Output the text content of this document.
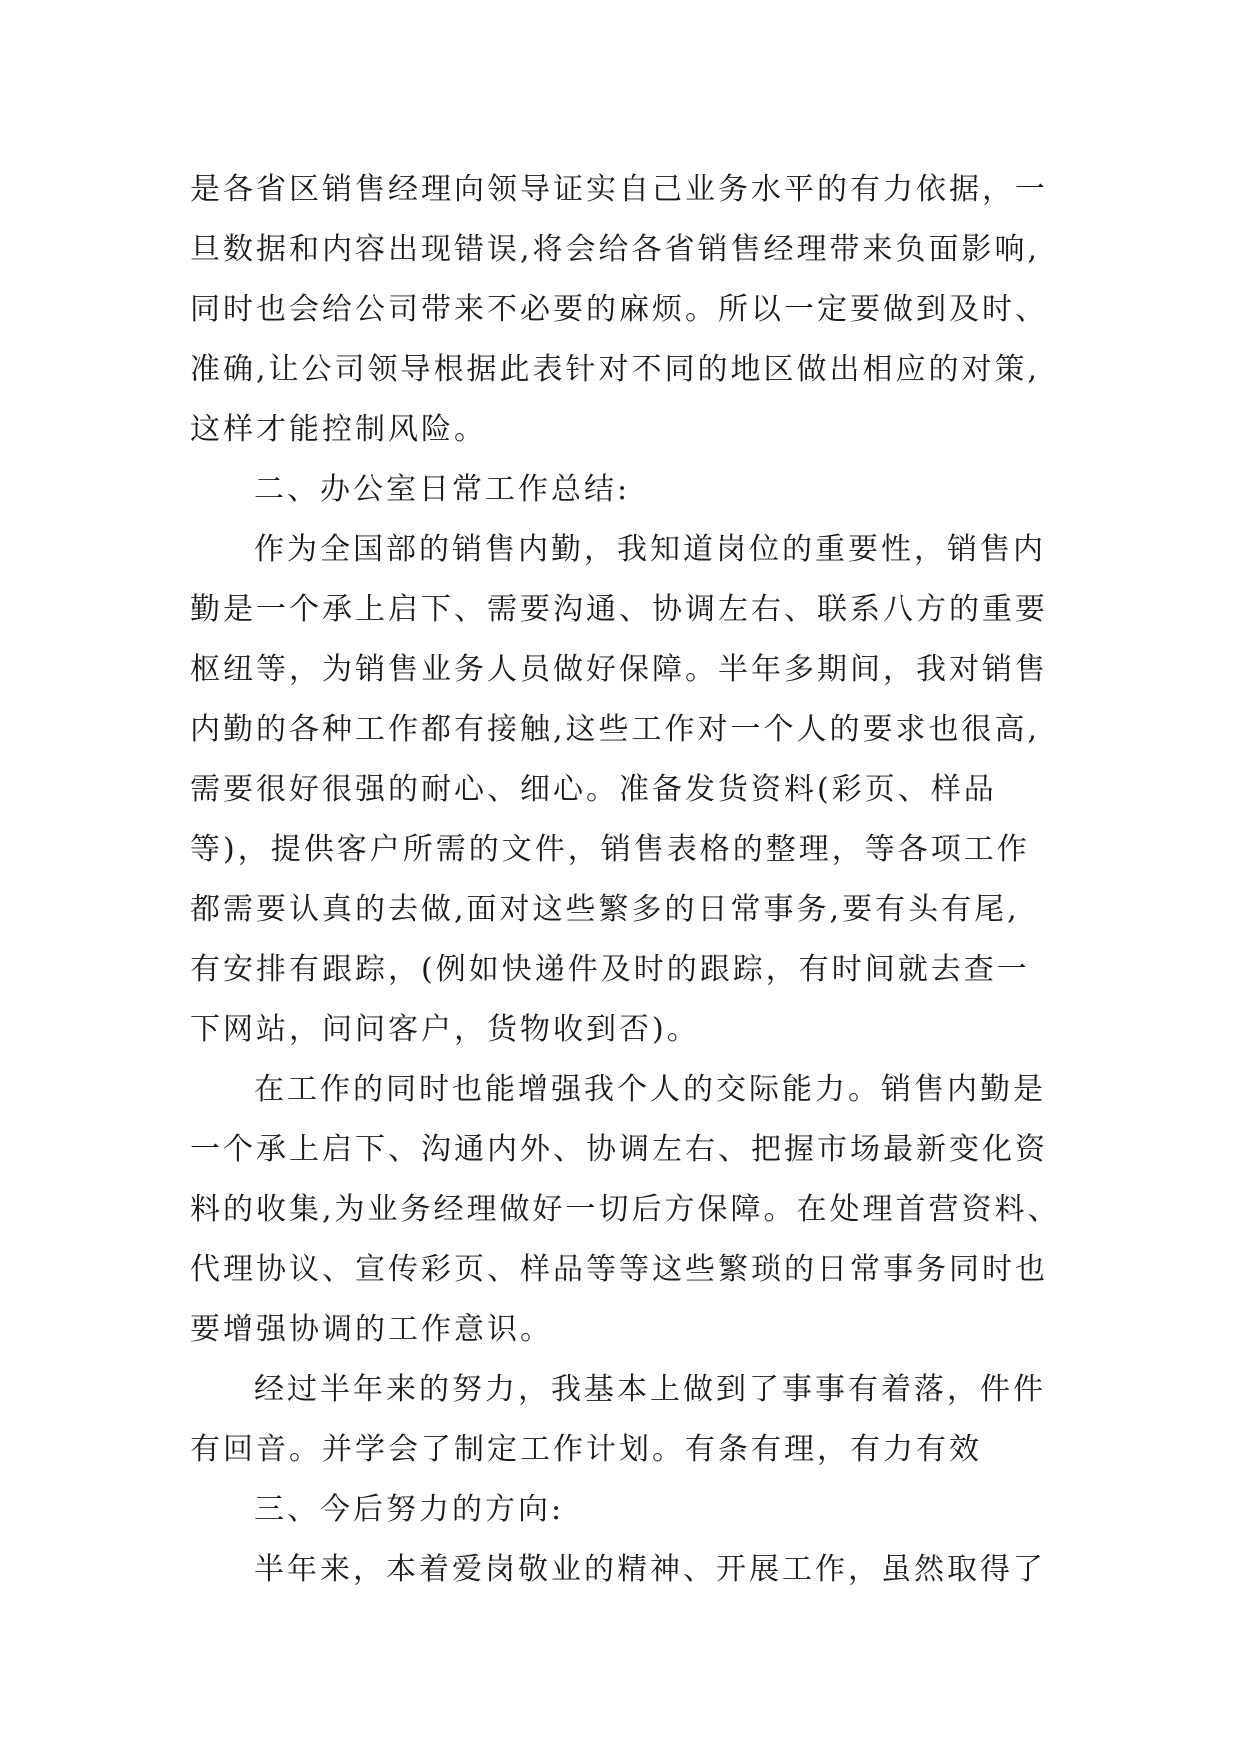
是各省区销售经理向领导证实自己业务水平的有力依据，一
旦数据和内容出现错误,将会给各省销售经理带来负面影响,
同时也会给公司带来不必要的麻烦。所以一定要做到及时、
准确,让公司领导根据此表针对不同的地区做出相应的对策,
这样才能控制风险。
二、办公室日常工作总结:
作为全国部的销售内勤，我知道岗位的重要性，销售内
勤是一个承上启下、需要沟通、协调左右、联系八方的重要
枢纽等，为销售业务人员做好保障。半年多期间，我对销售
内勤的各种工作都有接触,这些工作对一个人的要求也很高,
需要很好很强的耐心、细心。准备发货资料(彩页、样品
等)，提供客户所需的文件，销售表格的整理，等各项工作
都需要认真的去做,面对这些繁多的日常事务,要有头有尾,
有安排有跟踪，(例如快递件及时的跟踪，有时间就去查一
下网站，问问客户，货物收到否)。
在工作的同时也能增强我个人的交际能力。销售内勤是
一个承上启下、沟通内外、协调左右、把握市场最新变化资
料的收集,为业务经理做好一切后方保障。在处理首营资料、
代理协议、宣传彩页、样品等等这些繁琐的日常事务同时也
要增强协调的工作意识。
经过半年来的努力，我基本上做到了事事有着落，件件
有回音。并学会了制定工作计划。有条有理，有力有效
三、今后努力的方向:
半年来，本着爱岗敬业的精神、开展工作，虽然取得了
